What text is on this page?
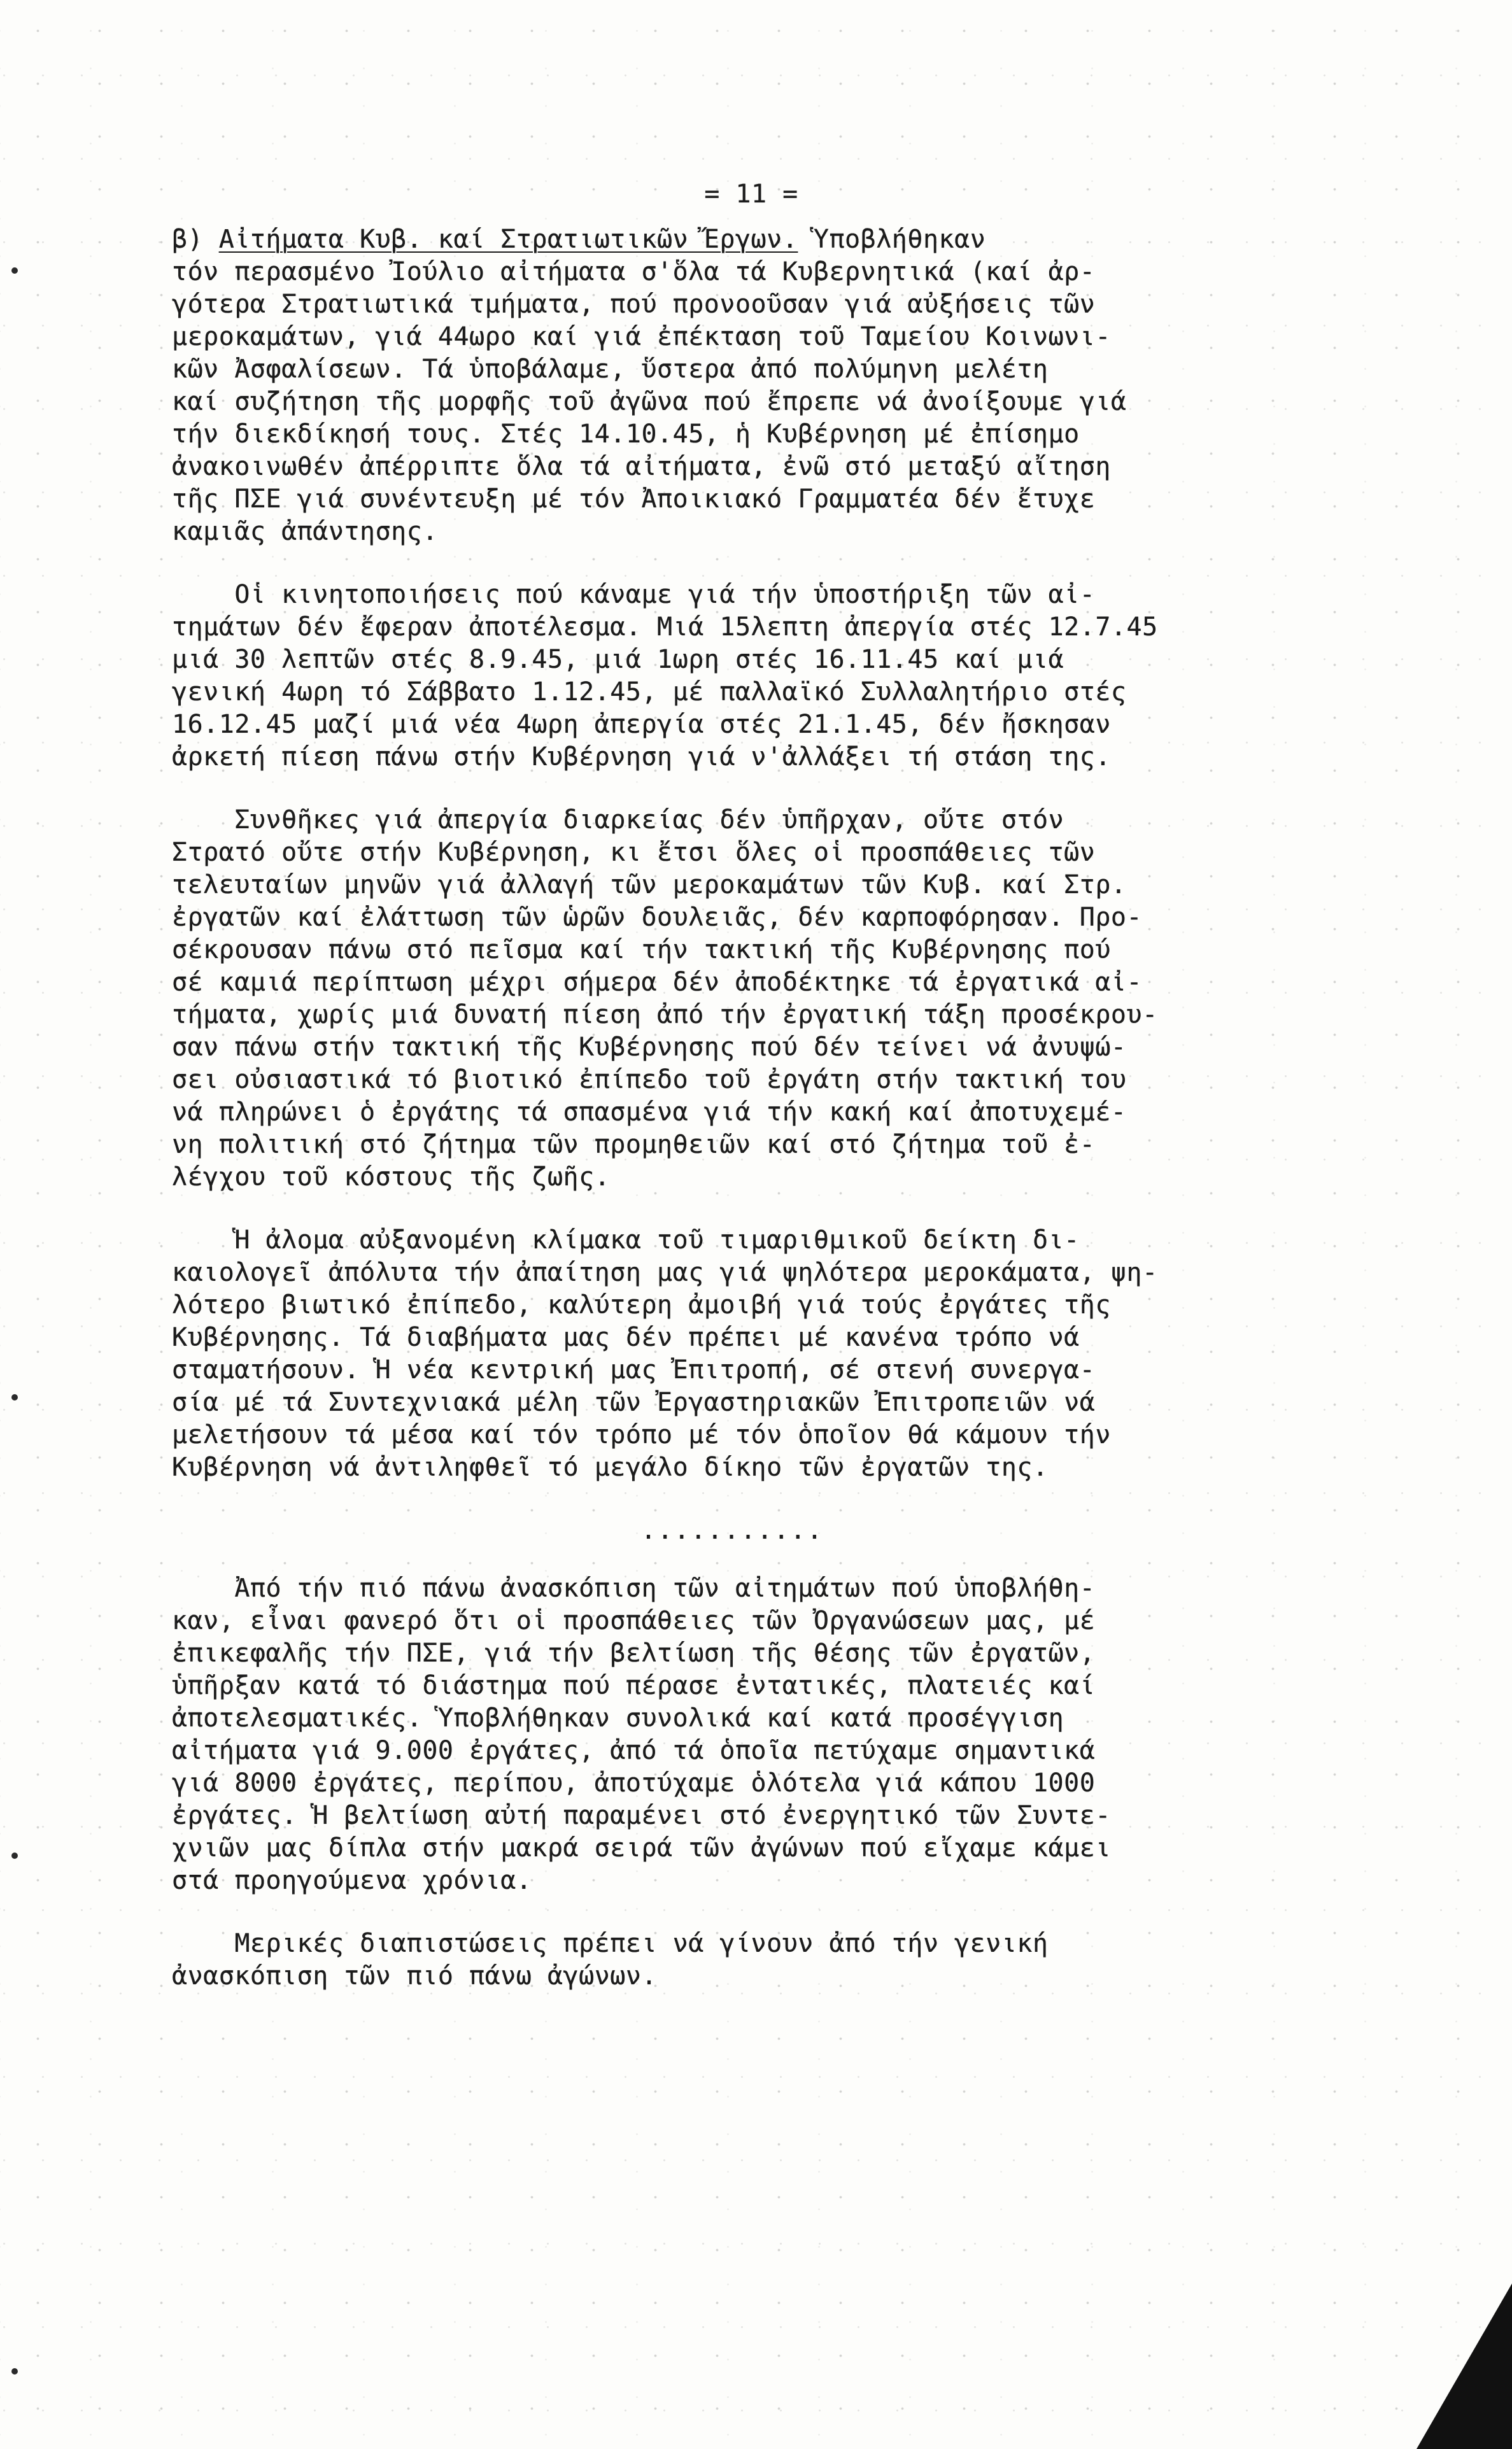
= 11 =
β) Αἰτήματα Κυβ. καί Στρατιωτικῶν Ἔργων. Ὑποβλήθηκαν
τόν περασμένο Ἰούλιο αἰτήματα σ'ὅλα τά Κυβερνητικά (καί ἀρ-
γότερα Στρατιωτικά τμήματα, πού προνοοῦσαν γιά αὐξήσεις τῶν
μεροκαμάτων, γιά 44ωρο καί γιά ἐπέκταση τοῦ Ταμείου Κοινωνι-
κῶν Ἀσφαλίσεων. Τά ὑποβάλαμε, ὕστερα ἀπό πολύμηνη μελέτη
καί συζήτηση τῆς μορφῆς τοῦ ἀγῶνα πού ἔπρεπε νά ἀνοίξουμε γιά
τήν διεκδίκησή τους. Στές 14.10.45, ἡ Κυβέρνηση μέ ἐπίσημο
ἀνακοινωθέν ἀπέρριπτε ὅλα τά αἰτήματα, ἐνῶ στό μεταξύ αἴτηση
τῆς ΠΣΕ γιά συνέντευξη μέ τόν Ἀποικιακό Γραμματέα δέν ἔτυχε
καμιᾶς ἀπάντησης.
Οἱ κινητοποιήσεις πού κάναμε γιά τήν ὑποστήριξη τῶν αἰ-
τημάτων δέν ἔφεραν ἀποτέλεσμα. Μιά 15λεπτη ἀπεργία στές 12.7.45
μιά 30 λεπτῶν στές 8.9.45, μιά 1ωρη στές 16.11.45 καί μιά
γενική 4ωρη τό Σάββατο 1.12.45, μέ παλλαϊκό Συλλαλητήριο στές
16.12.45 μαζί μιά νέα 4ωρη ἀπεργία στές 21.1.45, δέν ἤσκησαν
ἀρκετή πίεση πάνω στήν Κυβέρνηση γιά ν'ἀλλάξει τή στάση της.
Συνθῆκες γιά ἀπεργία διαρκείας δέν ὑπῆρχαν, οὔτε στόν
Στρατό οὔτε στήν Κυβέρνηση, κι ἔτσι ὅλες οἱ προσπάθειες τῶν
τελευταίων μηνῶν γιά ἀλλαγή τῶν μεροκαμάτων τῶν Κυβ. καί Στρ.
ἐργατῶν καί ἐλάττωση τῶν ὡρῶν δουλειᾶς, δέν καρποφόρησαν. Προ-
σέκρουσαν πάνω στό πεῖσμα καί τήν τακτική τῆς Κυβέρνησης πού
σέ καμιά περίπτωση μέχρι σήμερα δέν ἀποδέκτηκε τά ἐργατικά αἰ-
τήματα, χωρίς μιά δυνατή πίεση ἀπό τήν ἐργατική τάξη προσέκρου-
σαν πάνω στήν τακτική τῆς Κυβέρνησης πού δέν τείνει νά ἀνυψώ-
σει οὐσιαστικά τό βιοτικό ἐπίπεδο τοῦ ἐργάτη στήν τακτική του
νά πληρώνει ὁ ἐργάτης τά σπασμένα γιά τήν κακή καί ἀποτυχεμέ-
νη πολιτική στό ζήτημα τῶν προμηθειῶν καί στό ζήτημα τοῦ ἐ-
λέγχου τοῦ κόστους τῆς ζωῆς.
Ἡ ἀλομα αὐξανομένη κλίμακα τοῦ τιμαριθμικοῦ δείκτη δι-
καιολογεῖ ἀπόλυτα τήν ἀπαίτηση μας γιά ψηλότερα μεροκάματα, ψη-
λότερο βιωτικό ἐπίπεδο, καλύτερη ἀμοιβή γιά τούς ἐργάτες τῆς
Κυβέρνησης. Τά διαβήματα μας δέν πρέπει μέ κανένα τρόπο νά
σταματήσουν. Ἡ νέα κεντρική μας Ἐπιτροπή, σέ στενή συνεργα-
σία μέ τά Συντεχνιακά μέλη τῶν Ἐργαστηριακῶν Ἐπιτροπειῶν νά
μελετήσουν τά μέσα καί τόν τρόπο μέ τόν ὁποῖον θά κάμουν τήν
Κυβέρνηση νά ἀντιληφθεῖ τό μεγάλο δίκηο τῶν ἐργατῶν της.
...........
Ἀπό τήν πιό πάνω ἀνασκόπιση τῶν αἰτημάτων πού ὑποβλήθη-
καν, εἶναι φανερό ὅτι οἱ προσπάθειες τῶν Ὀργανώσεων μας, μέ
ἐπικεφαλῆς τήν ΠΣΕ, γιά τήν βελτίωση τῆς θέσης τῶν ἐργατῶν,
ὑπῆρξαν κατά τό διάστημα πού πέρασε ἐντατικές, πλατειές καί
ἀποτελεσματικές. Ὑποβλήθηκαν συνολικά καί κατά προσέγγιση
αἰτήματα γιά 9.000 ἐργάτες, ἀπό τά ὁποῖα πετύχαμε σημαντικά
γιά 8000 ἐργάτες, περίπου, ἀποτύχαμε ὁλότελα γιά κάπου 1000
ἐργάτες. Ἡ βελτίωση αὐτή παραμένει στό ἐνεργητικό τῶν Συντε-
χνιῶν μας δίπλα στήν μακρά σειρά τῶν ἀγώνων πού εἴχαμε κάμει
στά προηγούμενα χρόνια.
Μερικές διαπιστώσεις πρέπει νά γίνουν ἀπό τήν γενική
ἀνασκόπιση τῶν πιό πάνω ἀγώνων.
